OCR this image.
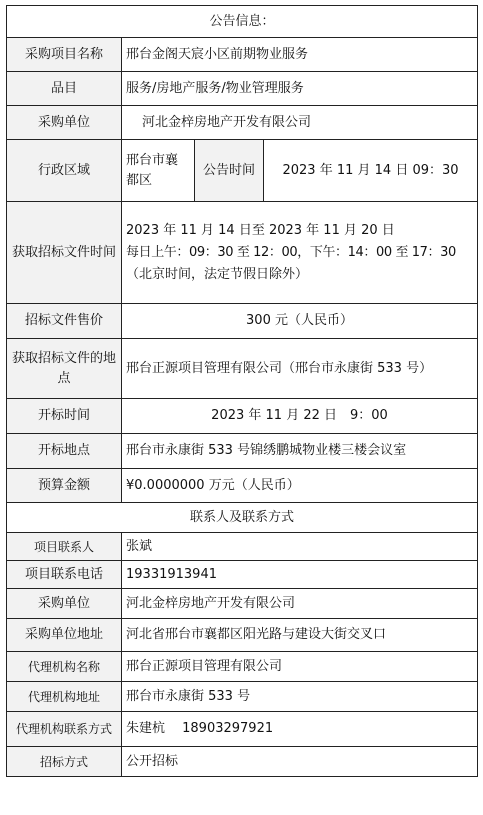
公告信息：			
采购项目名称	邢台金阁天宸小区前期物业服务		
品目	服务/房地产服务/物业管理服务		
采购单位	河北金梓房地产开发有限公司		
行政区域	邢台市襄都区	公告时间	2023 年 11 月 14 日 09：30
获取招标文件时间	2023 年 11 月 14 日至 2023 年 11 月 20 日
每日上午：09：30 至 12：00，下午：14：00 至 17：30
（北京时间，法定节假日除外）		

招标文件售价	300 元（人民币）		
获取招标文件的地点	邢台正源项目管理有限公司（邢台市永康街 533 号）		
开标时间	2023 年 11 月 22 日　9：00		
开标地点	邢台市永康街 533 号锦绣鹏城物业楼三楼会议室		
预算金额	¥0.0000000 万元（人民币）		
联系人及联系方式			
项目联系人	张斌		
项目联系电话	19331913941		
采购单位	河北金梓房地产开发有限公司		
采购单位地址	河北省邢台市襄都区阳光路与建设大街交叉口		
代理机构名称	邢台正源项目管理有限公司		
代理机构地址	邢台市永康街 533 号		
代理机构联系方式	朱建杭　 18903297921		
招标方式	公开招标		
